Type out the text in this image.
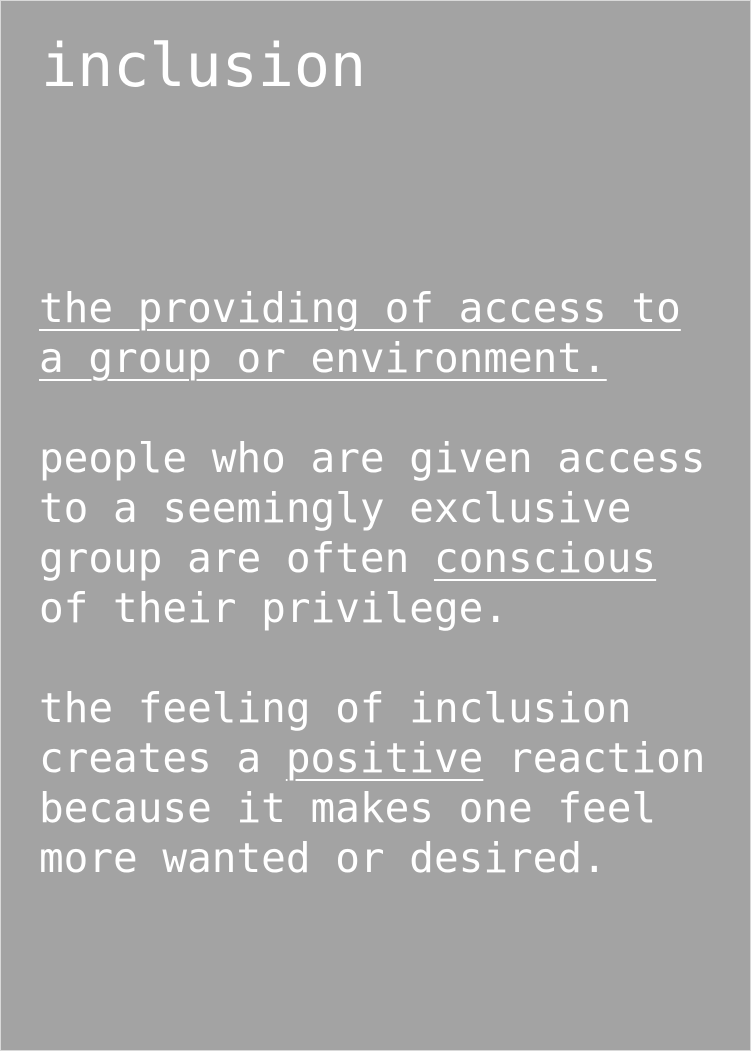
inclusion

the providing of access to
a group or environment.

people who are given access
to a seemingly exclusive
group are often conscious
of their privilege.

the feeling of inclusion
creates a positive reaction
because it makes one feel
more wanted or desired.
